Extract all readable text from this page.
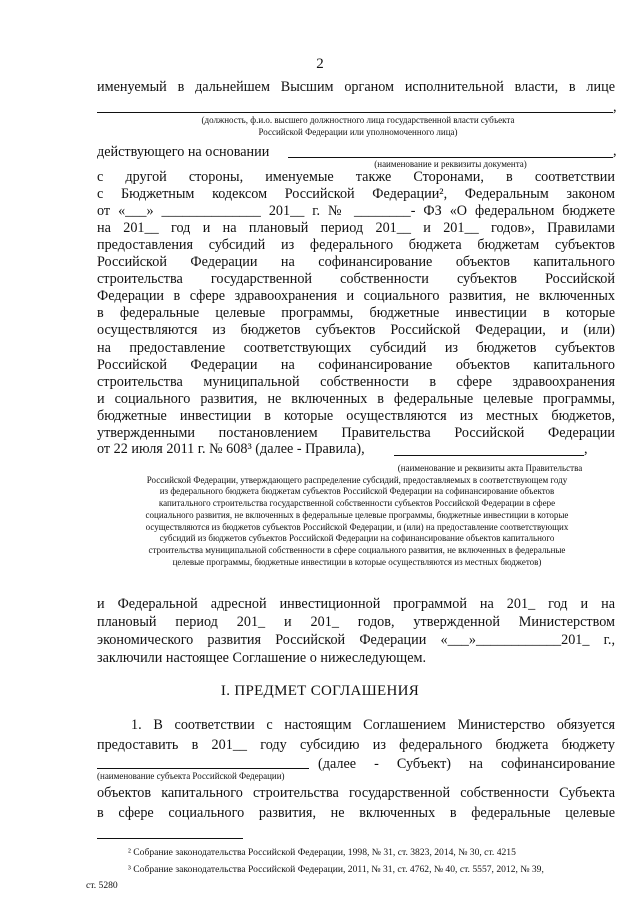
2
именуемый в дальнейшем Высшим органом исполнительной власти, в лице
,
(должность, ф.и.о. высшего должностного лица государственной власти субъекта
Российской Федерации или уполномоченного лица)
действующего на основании	,
(наименование и реквизиты документа)
с другой стороны, именуемые также Сторонами, в соответствии
с Бюджетным кодексом Российской Федерации², Федеральным законом
от «___» ______________ 201__ г. № ________- ФЗ «О федеральном бюджете
на 201__ год и на плановый период 201__ и 201__ годов», Правилами
предоставления субсидий из федерального бюджета бюджетам субъектов
Российской Федерации на софинансирование объектов капитального
строительства государственной собственности субъектов Российской
Федерации в сфере здравоохранения и социального развития, не включенных
в федеральные целевые программы, бюджетные инвестиции в которые
осуществляются из бюджетов субъектов Российской Федерации, и (или)
на предоставление соответствующих субсидий из бюджетов субъектов
Российской Федерации на софинансирование объектов капитального
строительства муниципальной собственности в сфере здравоохранения
и социального развития, не включенных в федеральные целевые программы,
бюджетные инвестиции в которые осуществляются из местных бюджетов,
утвержденными постановлением Правительства Российской Федерации
от 22 июля 2011 г. № 608³ (далее - Правила),	,
(наименование и реквизиты акта Правительства
Российской Федерации, утверждающего распределение субсидий, предоставляемых в соответствующем году
из федерального бюджета бюджетам субъектов Российской Федерации на софинансирование объектов
капитального строительства государственной собственности субъектов Российской Федерации в сфере
социального развития, не включенных в федеральные целевые программы, бюджетные инвестиции в которые
осуществляются из бюджетов субъектов Российской Федерации, и (или) на предоставление соответствующих
субсидий из бюджетов субъектов Российской Федерации на софинансирование объектов капитального
строительства муниципальной собственности в сфере социального развития, не включенных в федеральные
целевые программы, бюджетные инвестиции в которые осуществляются из местных бюджетов)
и Федеральной адресной инвестиционной программой на 201_ год и на
плановый период 201_ и 201_ годов, утвержденной Министерством
экономического развития Российской Федерации «___»____________201_ г.,
заключили настоящее Соглашение о нижеследующем.
I. ПРЕДМЕТ СОГЛАШЕНИЯ
1. В соответствии с настоящим Соглашением Министерство обязуется
предоставить в 201__ году субсидию из федерального бюджета бюджету
(далее - Субъект) на софинансирование
(наименование субъекта Российской Федерации)
объектов капитального строительства государственной собственности Субъекта
в сфере социального развития, не включенных в федеральные целевые
² Собрание законодательства Российской Федерации, 1998, № 31, ст. 3823, 2014, № 30, ст. 4215
³ Собрание законодательства Российской Федерации, 2011, № 31, ст. 4762, № 40, ст. 5557, 2012, № 39,
ст. 5280
